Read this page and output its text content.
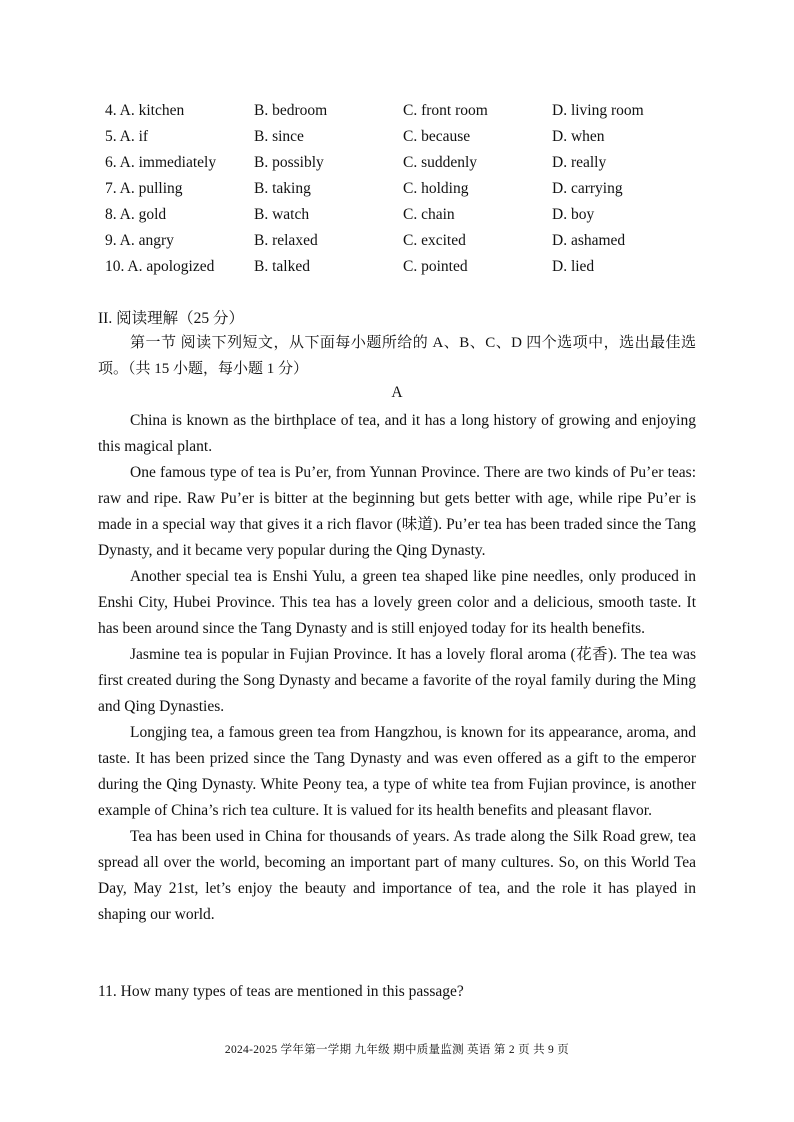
4. A. kitchen	B. bedroom	C. front room	D. living room
5. A. if	B. since	C. because	D. when
6. A. immediately	B. possibly	C. suddenly	D. really
7. A. pulling	B. taking	C. holding	D. carrying
8. A. gold	B. watch	C. chain	D. boy
9. A. angry	B. relaxed	C. excited	D. ashamed
10. A. apologized	B. talked	C. pointed	D. lied
II. 阅读理解（25 分）
第一节 阅读下列短文，从下面每小题所给的 A、B、C、D 四个选项中，选出最佳选项。（共 15 小题，每小题 1 分）
A

China is known as the birthplace of tea, and it has a long history of growing and enjoying this magical plant.

One famous type of tea is Pu’er, from Yunnan Province. There are two kinds of Pu’er teas: raw and ripe. Raw Pu’er is bitter at the beginning but gets better with age, while ripe Pu’er is made in a special way that gives it a rich flavor (味道). Pu’er tea has been traded since the Tang Dynasty, and it became very popular during the Qing Dynasty.

Another special tea is Enshi Yulu, a green tea shaped like pine needles, only produced in Enshi City, Hubei Province. This tea has a lovely green color and a delicious, smooth taste. It has been around since the Tang Dynasty and is still enjoyed today for its health benefits.

Jasmine tea is popular in Fujian Province. It has a lovely floral aroma (花香). The tea was first created during the Song Dynasty and became a favorite of the royal family during the Ming and Qing Dynasties.

Longjing tea, a famous green tea from Hangzhou, is known for its appearance, aroma, and taste. It has been prized since the Tang Dynasty and was even offered as a gift to the emperor during the Qing Dynasty. White Peony tea, a type of white tea from Fujian province, is another example of China’s rich tea culture. It is valued for its health benefits and pleasant flavor.

Tea has been used in China for thousands of years. As trade along the Silk Road grew, tea spread all over the world, becoming an important part of many cultures. So, on this World Tea Day, May 21st, let’s enjoy the beauty and importance of tea, and the role it has played in shaping our world.

11. How many types of teas are mentioned in this passage?
2024-2025 学年第一学期 九年级 期中质量监测 英语 第 2 页 共 9 页
